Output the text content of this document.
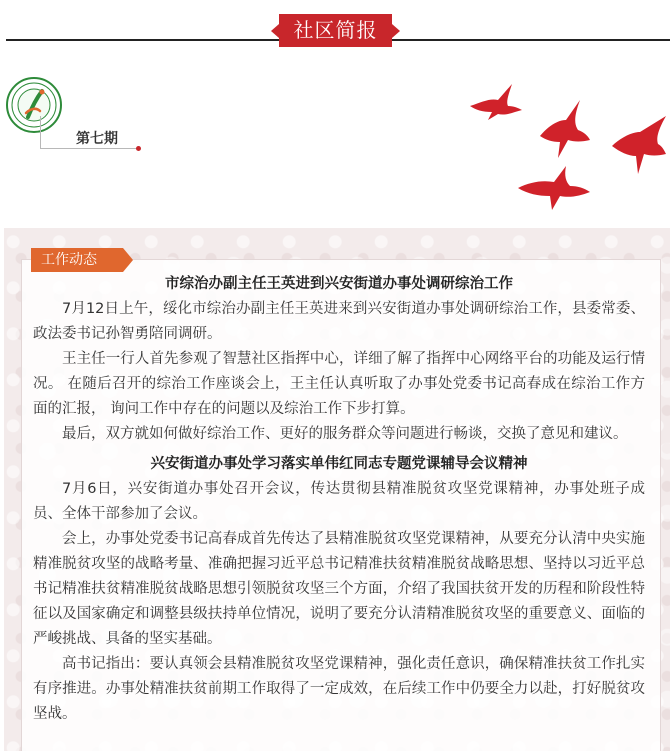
社区简报
第七期
工作动态
市综治办副主任王英进到兴安街道办事处调研综治工作

7月12日上午，绥化市综治办副主任王英进来到兴安街道办事处调研综治工作，县委常委、政法委书记孙智勇陪同调研。

王主任一行人首先参观了智慧社区指挥中心，详细了解了指挥中心网络平台的功能及运行情况。 在随后召开的综治工作座谈会上，王主任认真听取了办事处党委书记高春成在综治工作方面的汇报， 询问工作中存在的问题以及综治工作下步打算。

最后，双方就如何做好综治工作、更好的服务群众等问题进行畅谈，交换了意见和建议。

兴安街道办事处学习落实单伟红同志专题党课辅导会议精神

7月6日，兴安街道办事处召开会议，传达贯彻县精准脱贫攻坚党课精神，办事处班子成员、全体干部参加了会议。

会上，办事处党委书记高春成首先传达了县精准脱贫攻坚党课精神，从要充分认清中央实施精准脱贫攻坚的战略考量、准确把握习近平总书记精准扶贫精准脱贫战略思想、坚持以习近平总书记精准扶贫精准脱贫战略思想引领脱贫攻坚三个方面，介绍了我国扶贫开发的历程和阶段性特征以及国家确定和调整县级扶持单位情况，说明了要充分认清精准脱贫攻坚的重要意义、面临的严峻挑战、具备的坚实基础。

高书记指出：要认真领会县精准脱贫攻坚党课精神，强化责任意识，确保精准扶贫工作扎实有序推进。办事处精准扶贫前期工作取得了一定成效，在后续工作中仍要全力以赴，打好脱贫攻坚战。
